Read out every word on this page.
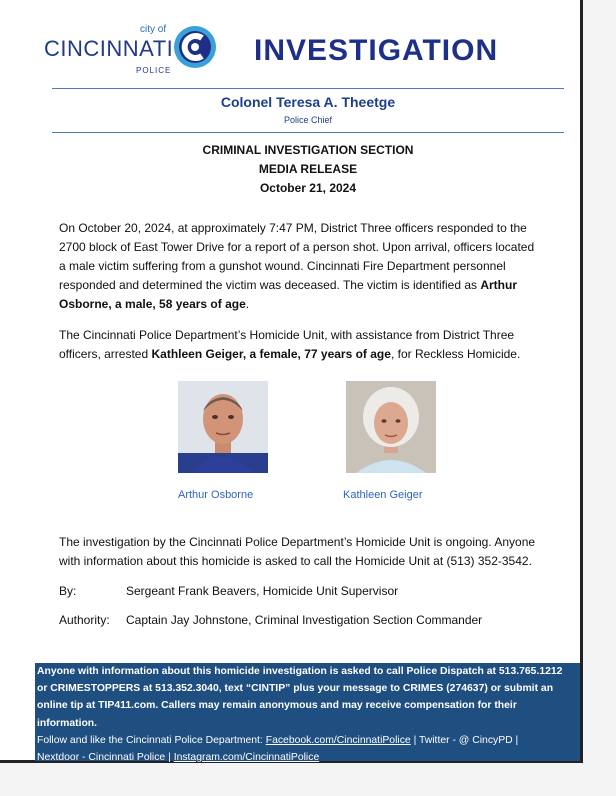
city of
CINCINNATI
POLICE
INVESTIGATION
Colonel Teresa A. Theetge
Police Chief
CRIMINAL INVESTIGATION SECTION
MEDIA RELEASE
October 21, 2024
On October 20, 2024, at approximately 7:47 PM, District Three officers responded to the
2700 block of East Tower Drive for a report of a person shot. Upon arrival, officers located
a male victim suffering from a gunshot wound. Cincinnati Fire Department personnel
responded and determined the victim was deceased. The victim is identified as Arthur
Osborne, a male, 58 years of age.
The Cincinnati Police Department’s Homicide Unit, with assistance from District Three
officers, arrested Kathleen Geiger, a female, 77 years of age, for Reckless Homicide.
Arthur Osborne	Kathleen Geiger
The investigation by the Cincinnati Police Department’s Homicide Unit is ongoing. Anyone
with information about this homicide is asked to call the Homicide Unit at (513) 352-3542.
By:	Sergeant Frank Beavers, Homicide Unit Supervisor
Authority: Captain Jay Johnstone, Criminal Investigation Section Commander
Anyone with information about this homicide investigation is asked to call Police Dispatch at 513.765.1212
or CRIMESTOPPERS at 513.352.3040, text “CINTIP” plus your message to CRIMES (274637) or submit an
online tip at TIP411.com. Callers may remain anonymous and may receive compensation for their
information.
Follow and like the Cincinnati Police Department: Facebook.com/CincinnatiPolice | Twitter - @ CincyPD |
Nextdoor - Cincinnati Police | Instagram.com/CincinnatiPolice
